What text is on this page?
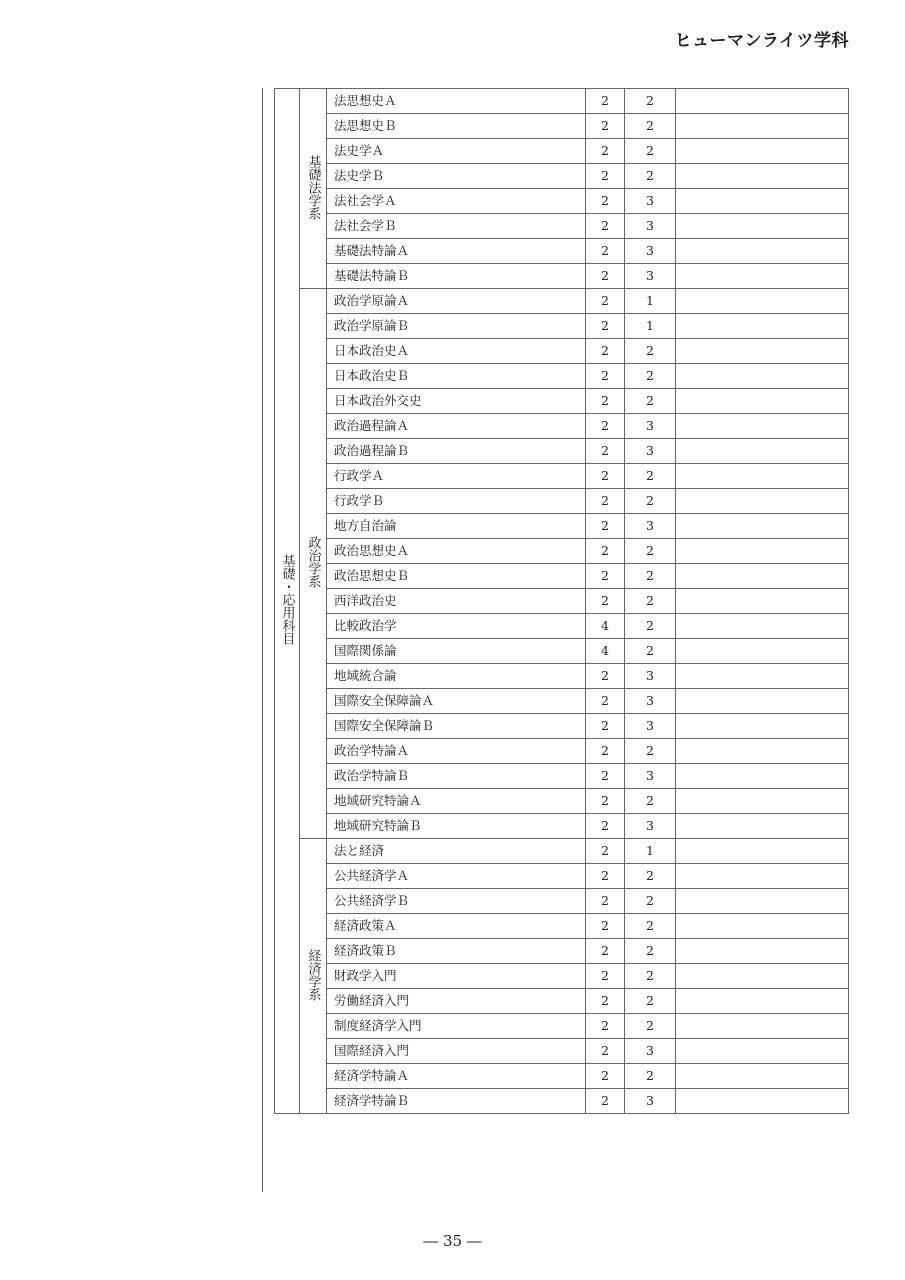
ヒューマンライツ学科
基礎・応用科目	基礎法学系	法思想史Ａ	2	2	
		法思想史Ｂ	2	2	
		法史学Ａ	2	2	
		法史学Ｂ	2	2	
		法社会学Ａ	2	3	
		法社会学Ｂ	2	3	
		基礎法特論Ａ	2	3	
		基礎法特論Ｂ	2	3	
	政治学系	政治学原論Ａ	2	1	
		政治学原論Ｂ	2	1	
		日本政治史Ａ	2	2	
		日本政治史Ｂ	2	2	
		日本政治外交史	2	2	
		政治過程論Ａ	2	3	
		政治過程論Ｂ	2	3	
		行政学Ａ	2	2	
		行政学Ｂ	2	2	
		地方自治論	2	3	
		政治思想史Ａ	2	2	
		政治思想史Ｂ	2	2	
		西洋政治史	2	2	
		比較政治学	4	2	
		国際関係論	4	2	
		地域統合論	2	3	
		国際安全保障論Ａ	2	3	
		国際安全保障論Ｂ	2	3	
		政治学特論Ａ	2	2	
		政治学特論Ｂ	2	3	
		地域研究特論Ａ	2	2	
		地域研究特論Ｂ	2	3	
	経済学系	法と経済	2	1	
		公共経済学Ａ	2	2	
		公共経済学Ｂ	2	2	
		経済政策Ａ	2	2	
		経済政策Ｂ	2	2	
		財政学入門	2	2	
		労働経済入門	2	2	
		制度経済学入門	2	2	
		国際経済入門	2	3	
		経済学特論Ａ	2	2	
		経済学特論Ｂ	2	3	
― 35 ―
